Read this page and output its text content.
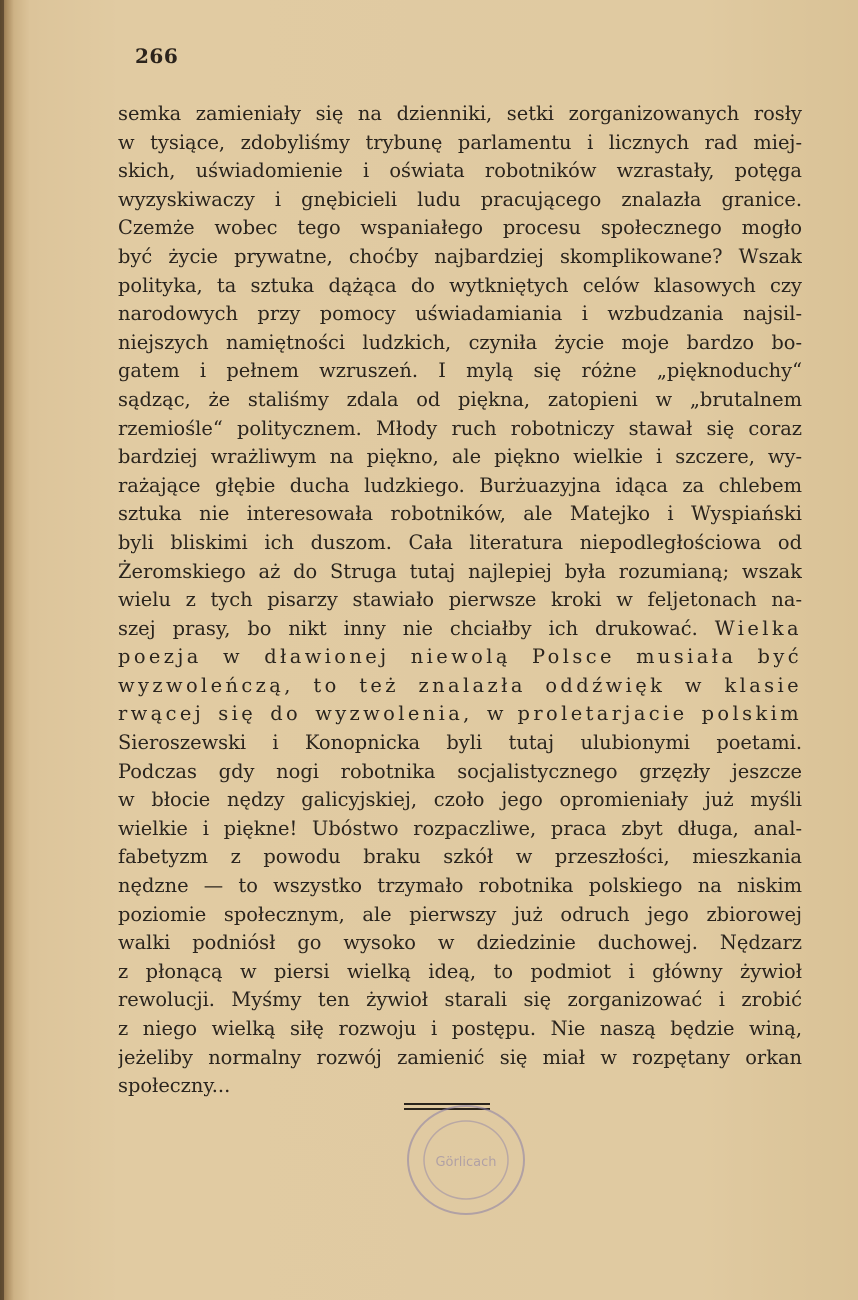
266
semka zamieniały się na dzienniki, setki zorganizowanych rosły
w tysiące, zdobyliśmy trybunę parlamentu i licznych rad miej-
skich, uświadomienie i oświata robotników wzrastały, potęga
wyzyskiwaczy i gnębicieli ludu pracującego znalazła granice.
Czemże wobec tego wspaniałego procesu społecznego mogło
być życie prywatne, choćby najbardziej skomplikowane? Wszak
polityka, ta sztuka dążąca do wytkniętych celów klasowych czy
narodowych przy pomocy uświadamiania i wzbudzania najsil-
niejszych namiętności ludzkich, czyniła życie moje bardzo bo-
gatem i pełnem wzruszeń. I mylą się różne „pięknoduchy“
sądząc, że staliśmy zdala od piękna, zatopieni w „brutalnem
rzemiośle“ politycznem. Młody ruch robotniczy stawał się coraz
bardziej wrażliwym na piękno, ale piękno wielkie i szczere, wy-
rażające głębie ducha ludzkiego. Burżuazyjna idąca za chlebem
sztuka nie interesowała robotników, ale Matejko i Wyspiański
byli bliskimi ich duszom. Cała literatura niepodległościowa od
Żeromskiego aż do Struga tutaj najlepiej była rozumianą; wszak
wielu z tych pisarzy stawiało pierwsze kroki w feljetonach na-
szej prasy, bo nikt inny nie chciałby ich drukować. Wielka
poezja w dławionej niewolą Polsce musiała być
wyzwoleńczą, to też znalazła oddźwięk w klasie
rwącej się do wyzwolenia, w proletarjacie polskim
Sieroszewski i Konopnicka byli tutaj ulubionymi poetami.
Podczas gdy nogi robotnika socjalistycznego grzęzły jeszcze
w błocie nędzy galicyjskiej, czoło jego opromieniały już myśli
wielkie i piękne! Ubóstwo rozpaczliwe, praca zbyt długa, anal-
fabetyzm z powodu braku szkół w przeszłości, mieszkania
nędzne — to wszystko trzymało robotnika polskiego na niskim
poziomie społecznym, ale pierwszy już odruch jego zbiorowej
walki podniósł go wysoko w dziedzinie duchowej. Nędzarz
z płonącą w piersi wielką ideą, to podmiot i główny żywioł
rewolucji. Myśmy ten żywioł starali się zorganizować i zrobić
z niego wielką siłę rozwoju i postępu. Nie naszą będzie winą,
jeżeliby normalny rozwój zamienić się miał w rozpętany orkan
społeczny...
Görlicach
